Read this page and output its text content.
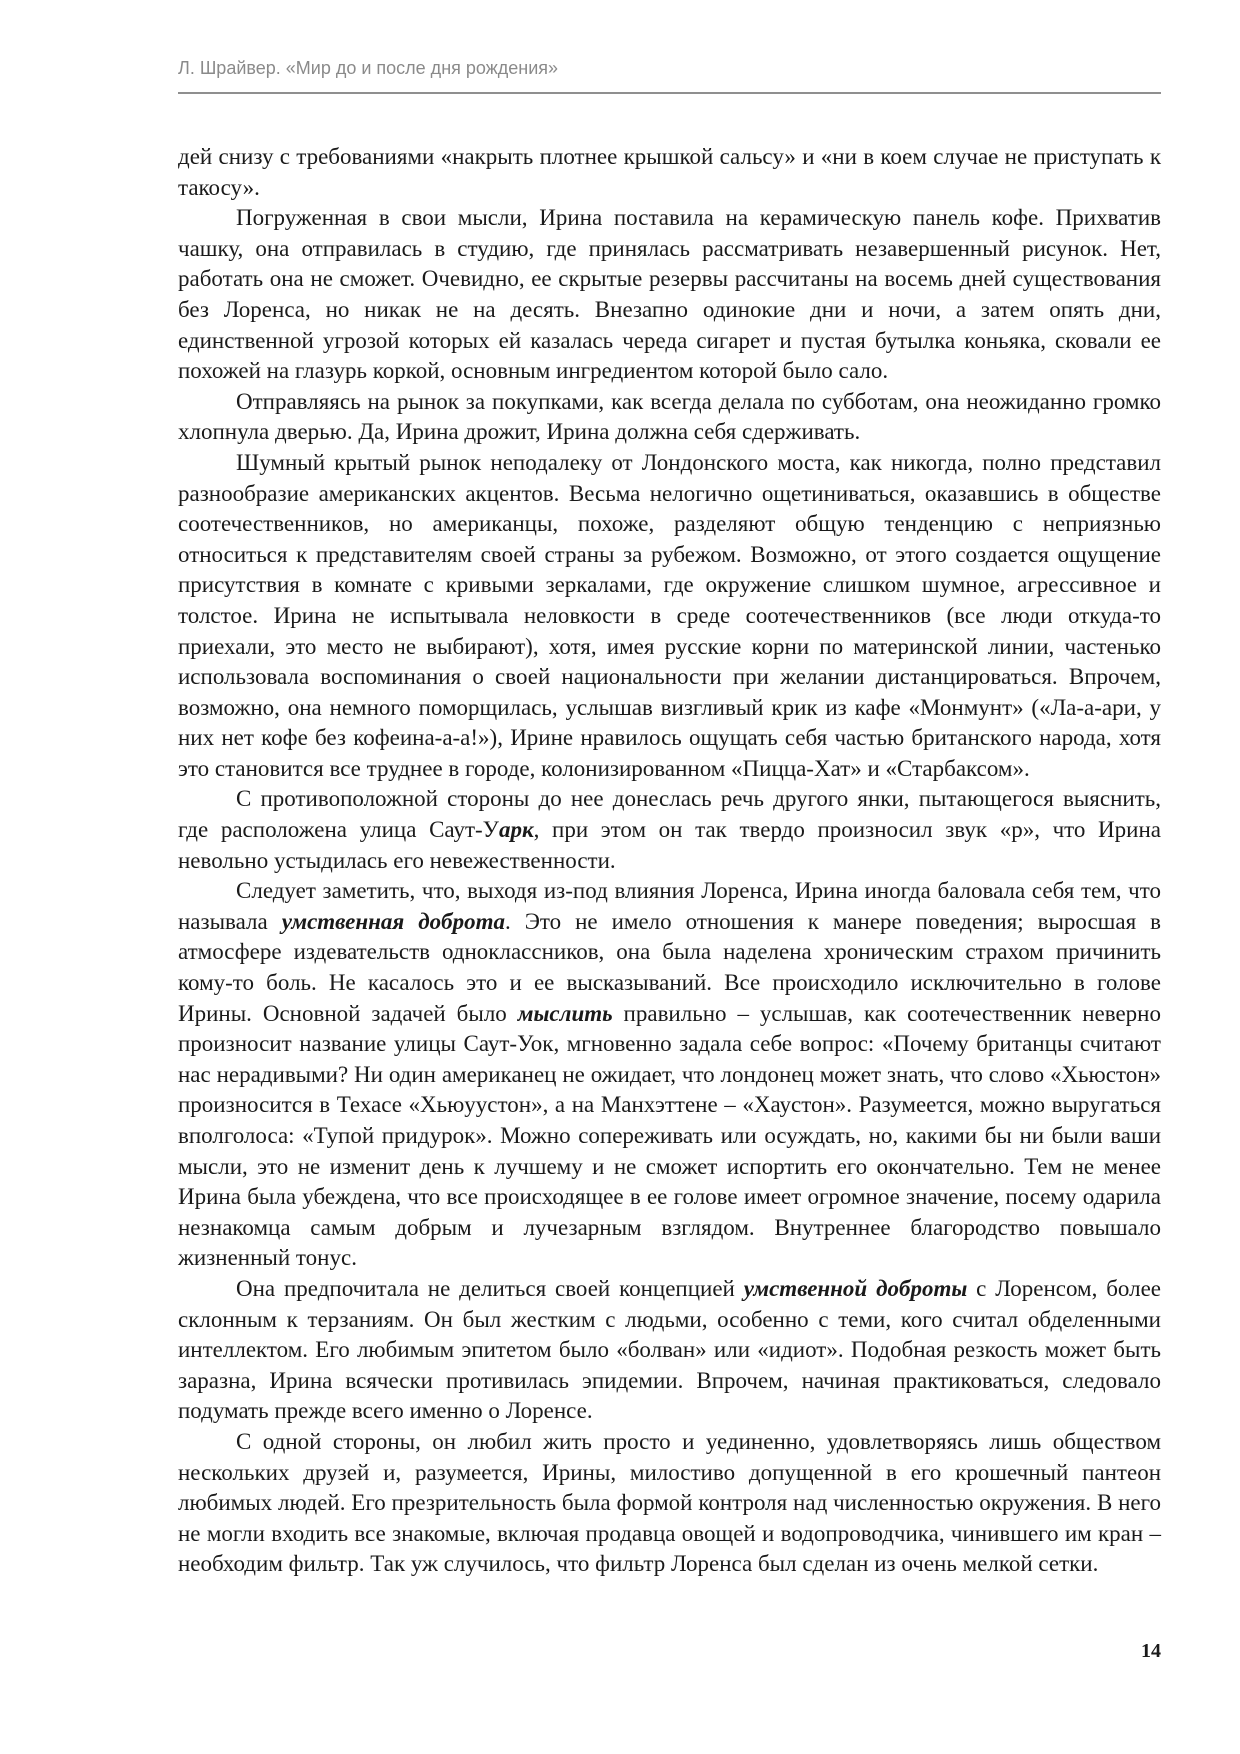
Л. Шрайвер. «Мир до и после дня рождения»

дей снизу с требованиями «накрыть плотнее крышкой сальсу» и «ни в коем случае не приступать к такосу».

Погруженная в свои мысли, Ирина поставила на керамическую панель кофе. Прихватив чашку, она отправилась в студию, где принялась рассматривать незавершенный рисунок. Нет, работать она не сможет. Очевидно, ее скрытые резервы рассчитаны на восемь дней существования без Лоренса, но никак не на десять. Внезапно одинокие дни и ночи, а затем опять дни, единственной угрозой которых ей казалась череда сигарет и пустая бутылка коньяка, сковали ее похожей на глазурь коркой, основным ингредиентом которой было сало.

Отправляясь на рынок за покупками, как всегда делала по субботам, она неожиданно громко хлопнула дверью. Да, Ирина дрожит, Ирина должна себя сдерживать.

Шумный крытый рынок неподалеку от Лондонского моста, как никогда, полно представил разнообразие американских акцентов. Весьма нелогично ощетиниваться, оказавшись в обществе соотечественников, но американцы, похоже, разделяют общую тенденцию с неприязнью относиться к представителям своей страны за рубежом. Возможно, от этого создается ощущение присутствия в комнате с кривыми зеркалами, где окружение слишком шумное, агрессивное и толстое. Ирина не испытывала неловкости в среде соотечественников (все люди откуда-то приехали, это место не выбирают), хотя, имея русские корни по материнской линии, частенько использовала воспоминания о своей национальности при желании дистанцироваться. Впрочем, возможно, она немного поморщилась, услышав визгливый крик из кафе «Монмунт» («Ла-а-ари, у них нет кофе без кофеина-а-а!»), Ирине нравилось ощущать себя частью британского народа, хотя это становится все труднее в городе, колонизированном «Пицца-Хат» и «Старбаксом».

С противоположной стороны до нее донеслась речь другого янки, пытающегося выяснить, где расположена улица Саут-Уарк, при этом он так твердо произносил звук «р», что Ирина невольно устыдилась его невежественности.

Следует заметить, что, выходя из-под влияния Лоренса, Ирина иногда баловала себя тем, что называла умственная доброта. Это не имело отношения к манере поведения; выросшая в атмосфере издевательств одноклассников, она была наделена хроническим страхом причинить кому-то боль. Не касалось это и ее высказываний. Все происходило исключительно в голове Ирины. Основной задачей было мыслить правильно – услышав, как соотечественник неверно произносит название улицы Саут-Уок, мгновенно задала себе вопрос: «Почему британцы считают нас нерадивыми? Ни один американец не ожидает, что лондонец может знать, что слово «Хьюстон» произносится в Техасе «Хьюуустон», а на Манхэттене – «Хаустон». Разумеется, можно выругаться вполголоса: «Тупой придурок». Можно сопереживать или осуждать, но, какими бы ни были ваши мысли, это не изменит день к лучшему и не сможет испортить его окончательно. Тем не менее Ирина была убеждена, что все происходящее в ее голове имеет огромное значение, посему одарила незнакомца самым добрым и лучезарным взглядом. Внутреннее благородство повышало жизненный тонус.

Она предпочитала не делиться своей концепцией умственной доброты с Лоренсом, более склонным к терзаниям. Он был жестким с людьми, особенно с теми, кого считал обделенными интеллектом. Его любимым эпитетом было «болван» или «идиот». Подобная резкость может быть заразна, Ирина всячески противилась эпидемии. Впрочем, начиная практиковаться, следовало подумать прежде всего именно о Лоренсе.

С одной стороны, он любил жить просто и уединенно, удовлетворяясь лишь обществом нескольких друзей и, разумеется, Ирины, милостиво допущенной в его крошечный пантеон любимых людей. Его презрительность была формой контроля над численностью окружения. В него не могли входить все знакомые, включая продавца овощей и водопроводчика, чинившего им кран – необходим фильтр. Так уж случилось, что фильтр Лоренса был сделан из очень мелкой сетки.

14
